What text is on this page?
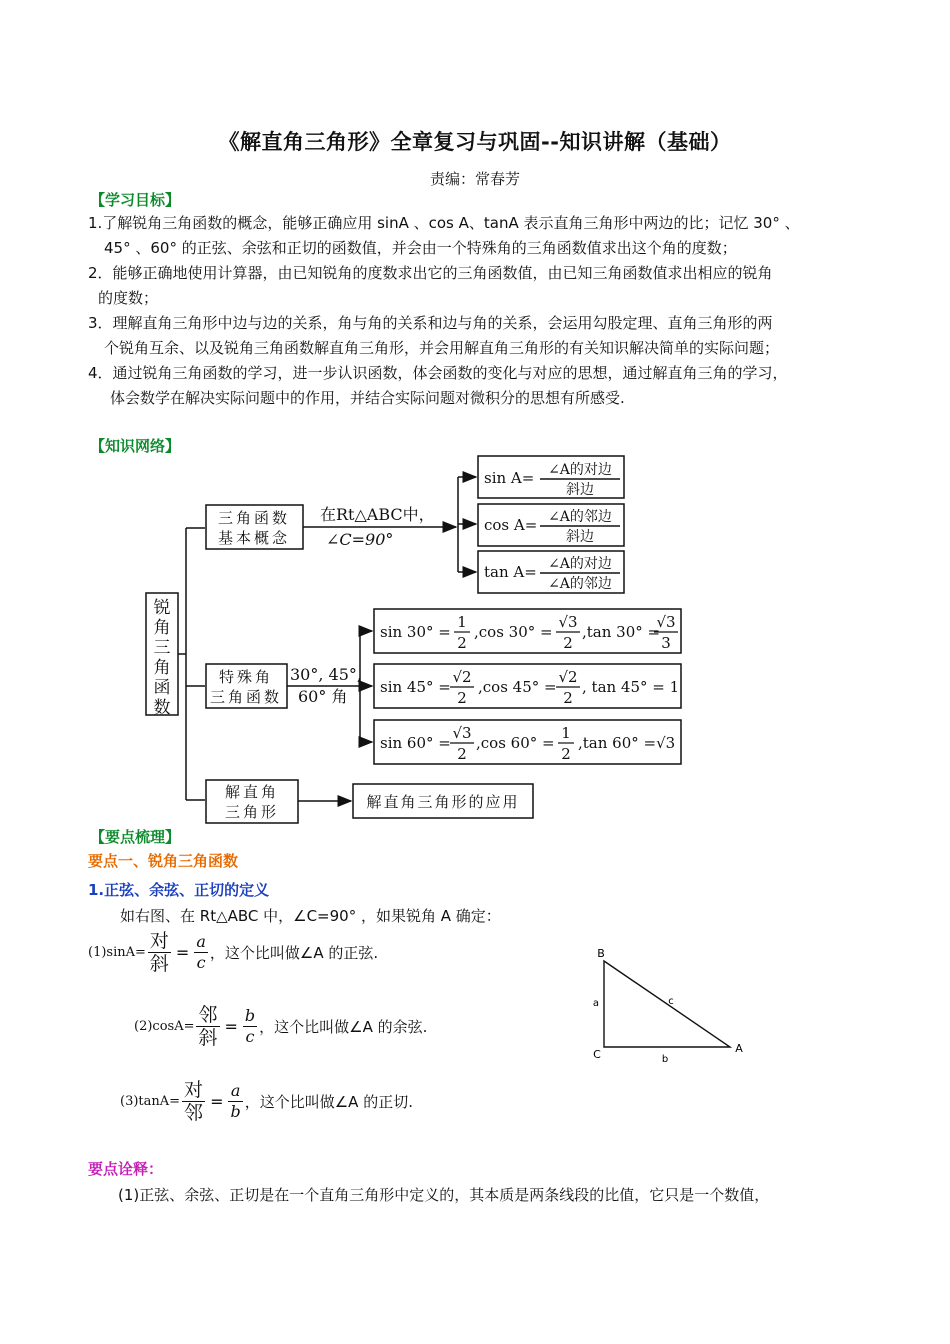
《解直角三角形》全章复习与巩固--知识讲解（基础）
责编：常春芳
【学习目标】
1.了解锐角三角函数的概念，能够正确应用 sinA 、cos A、tanA 表示直角三角形中两边的比；记忆 30° 、
45° 、60° 的正弦、余弦和正切的函数值，并会由一个特殊角的三角函数值求出这个角的度数；
2．能够正确地使用计算器，由已知锐角的度数求出它的三角函数值，由已知三角函数值求出相应的锐角
的度数；
3．理解直角三角形中边与边的关系，角与角的关系和边与角的关系，会运用勾股定理、直角三角形的两
个锐角互余、以及锐角三角函数解直角三角形，并会用解直角三角形的有关知识解决简单的实际问题；
4．通过锐角三角函数的学习，进一步认识函数，体会函数的变化与对应的思想，通过解直角三角的学习，
体会数学在解决实际问题中的作用，并结合实际问题对微积分的思想有所感受.
【知识网络】
锐
角
三
角
函
数
三角函数
基本概念
在Rt△ABC中，
∠C=90°
sin A= ∠A的对边
斜边
cos A= ∠A的邻边
斜边
tan A= ∠A的对边
∠A的邻边
特殊角
三角函数
30°, 45°,
60° 角
sin 30° =
1
2
,cos 30° =
√3
2
,tan 30° =
√3
3
sin 45° =
√2
2
,cos 45° =
√2
2
, tan 45° = 1
sin 60° =
√3
2
,cos 60° =
1
2
,tan 60° =√3
解直角
三角形
解直角三角形的应用
【要点梳理】
要点一、锐角三角函数
1.正弦、余弦、正切的定义
如右图、在 Rt△ABC 中，∠C=90° ，如果锐角 A 确定：
$(1)\sin A= \frac{\text{对}}{\text{斜}} = \frac{a}{c}$ ，这个比叫做∠A 的正弦.
$(2)\cos A= \frac{\text{邻}}{\text{斜}} = \frac{b}{c}$ ，这个比叫做∠A 的余弦.
$(3)\tan A= \frac{\text{对}}{\text{邻}} = \frac{a}{b}$ ，这个比叫做∠A 的正切.
B
C	A
a
b
c
要点诠释：
(1)正弦、余弦、正切是在一个直角三角形中定义的，其本质是两条线段的比值，它只是一个数值，
